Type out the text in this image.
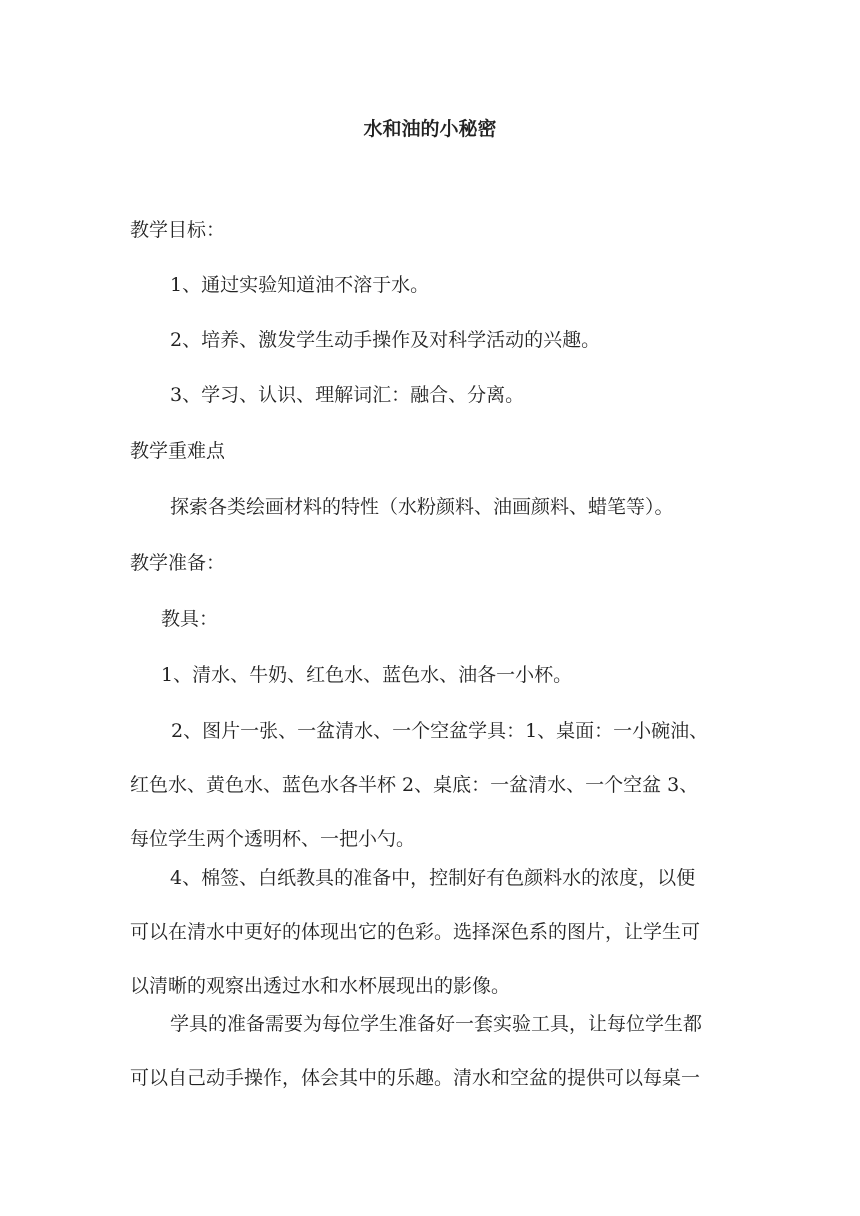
水和油的小秘密
教学目标：
1、通过实验知道油不溶于水。
2、培养、激发学生动手操作及对科学活动的兴趣。
3、学习、认识、理解词汇：融合、分离。
教学重难点
探索各类绘画材料的特性（水粉颜料、油画颜料、蜡笔等）。
教学准备：
教具：
1、清水、牛奶、红色水、蓝色水、油各一小杯。
2、图片一张、一盆清水、一个空盆学具：1、桌面：一小碗油、
红色水、黄色水、蓝色水各半杯 2、桌底：一盆清水、一个空盆 3、
每位学生两个透明杯、一把小勺。
4、棉签、白纸教具的准备中，控制好有色颜料水的浓度，以便
可以在清水中更好的体现出它的色彩。选择深色系的图片，让学生可
以清晰的观察出透过水和水杯展现出的影像。
学具的准备需要为每位学生准备好一套实验工具，让每位学生都
可以自己动手操作，体会其中的乐趣。清水和空盆的提供可以每桌一
